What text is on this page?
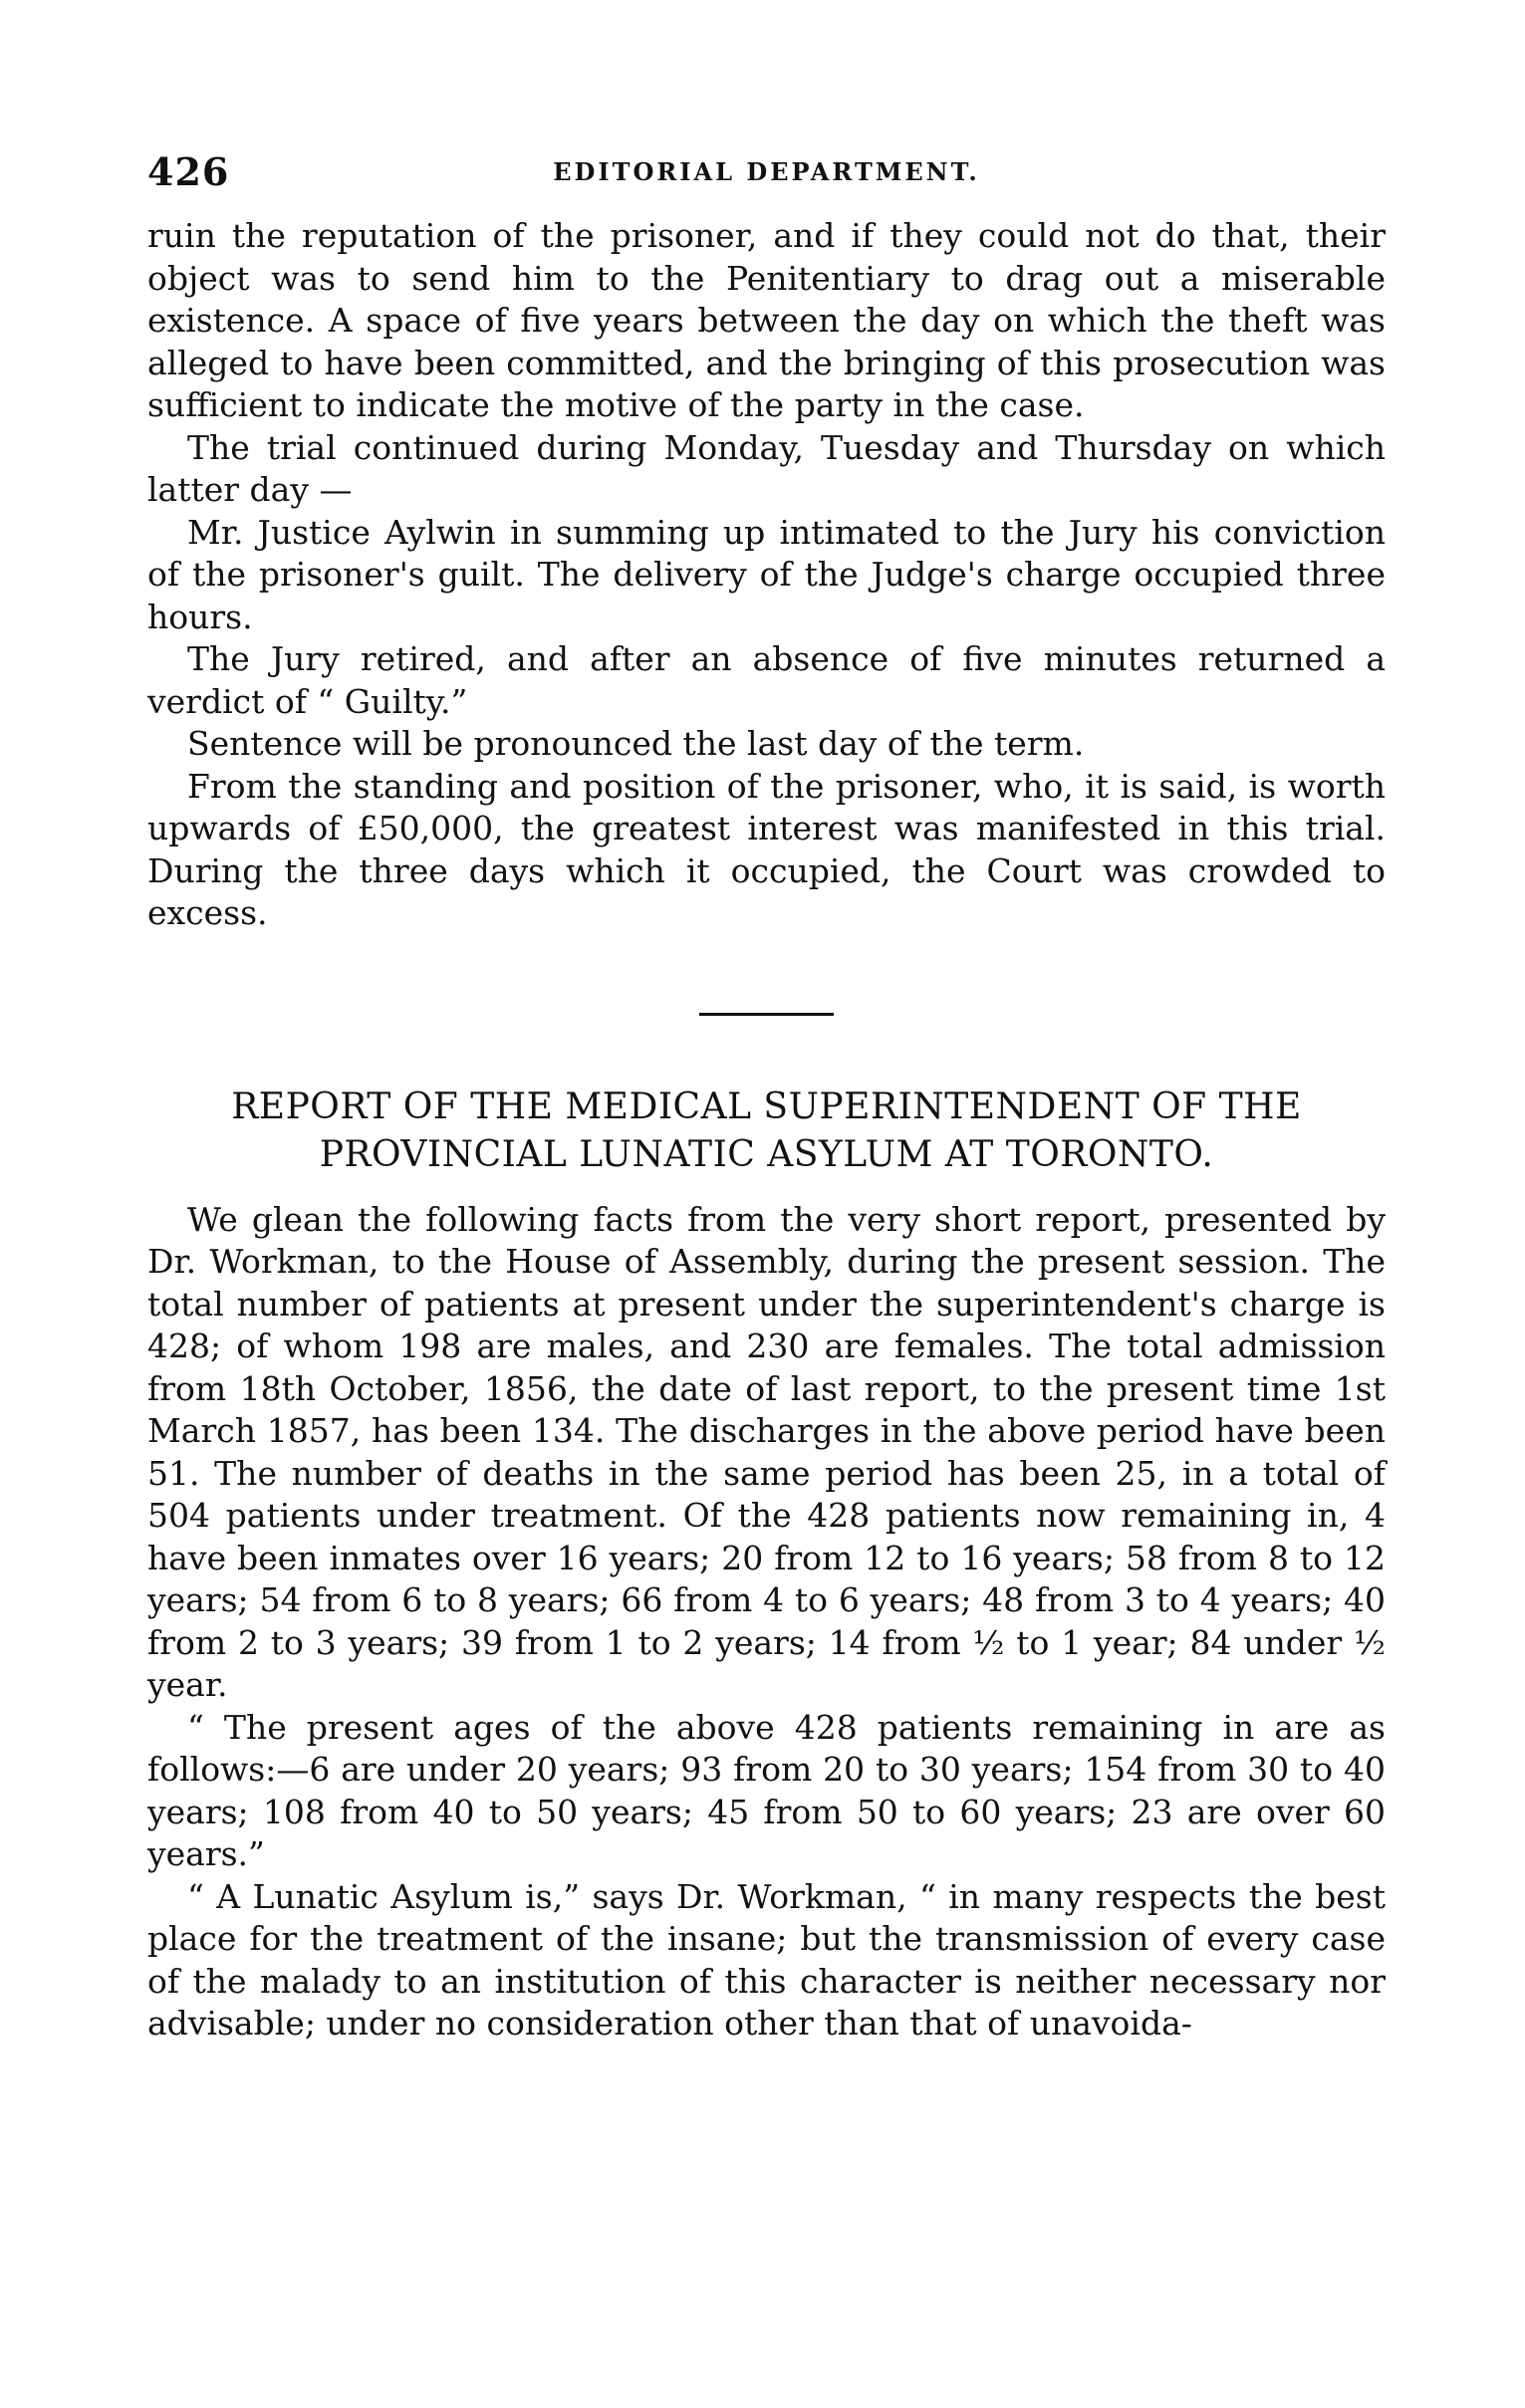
426	EDITORIAL DEPARTMENT.

ruin the reputation of the prisoner, and if they could not do that, their object was to send him to the Penitentiary to drag out a miserable existence. A space of five years between the day on which the theft was alleged to have been committed, and the bringing of this prosecution was sufficient to indicate the motive of the party in the case.

The trial continued during Monday, Tuesday and Thursday on which latter day —

Mr. Justice Aylwin in summing up intimated to the Jury his conviction of the prisoner's guilt. The delivery of the Judge's charge occupied three hours.

The Jury retired, and after an absence of five minutes returned a verdict of “ Guilty.”

Sentence will be pronounced the last day of the term.

From the standing and position of the prisoner, who, it is said, is worth upwards of £50,000, the greatest interest was manifested in this trial. During the three days which it occupied, the Court was crowded to excess.

REPORT OF THE MEDICAL SUPERINTENDENT OF THE
PROVINCIAL LUNATIC ASYLUM AT TORONTO.

We glean the following facts from the very short report, presented by Dr. Workman, to the House of Assembly, during the present session. The total number of patients at present under the superintendent's charge is 428; of whom 198 are males, and 230 are females. The total admission from 18th October, 1856, the date of last report, to the present time 1st March 1857, has been 134. The discharges in the above period have been 51. The number of deaths in the same period has been 25, in a total of 504 patients under treatment. Of the 428 patients now remaining in, 4 have been inmates over 16 years; 20 from 12 to 16 years; 58 from 8 to 12 years; 54 from 6 to 8 years; 66 from 4 to 6 years; 48 from 3 to 4 years; 40 from 2 to 3 years; 39 from 1 to 2 years; 14 from ½ to 1 year; 84 under ½ year.

“ The present ages of the above 428 patients remaining in are as follows:—6 are under 20 years; 93 from 20 to 30 years; 154 from 30 to 40 years; 108 from 40 to 50 years; 45 from 50 to 60 years; 23 are over 60 years.”

“ A Lunatic Asylum is,” says Dr. Workman, “ in many respects the best place for the treatment of the insane; but the transmission of every case of the malady to an institution of this character is neither necessary nor advisable; under no consideration other than that of unavoida-
